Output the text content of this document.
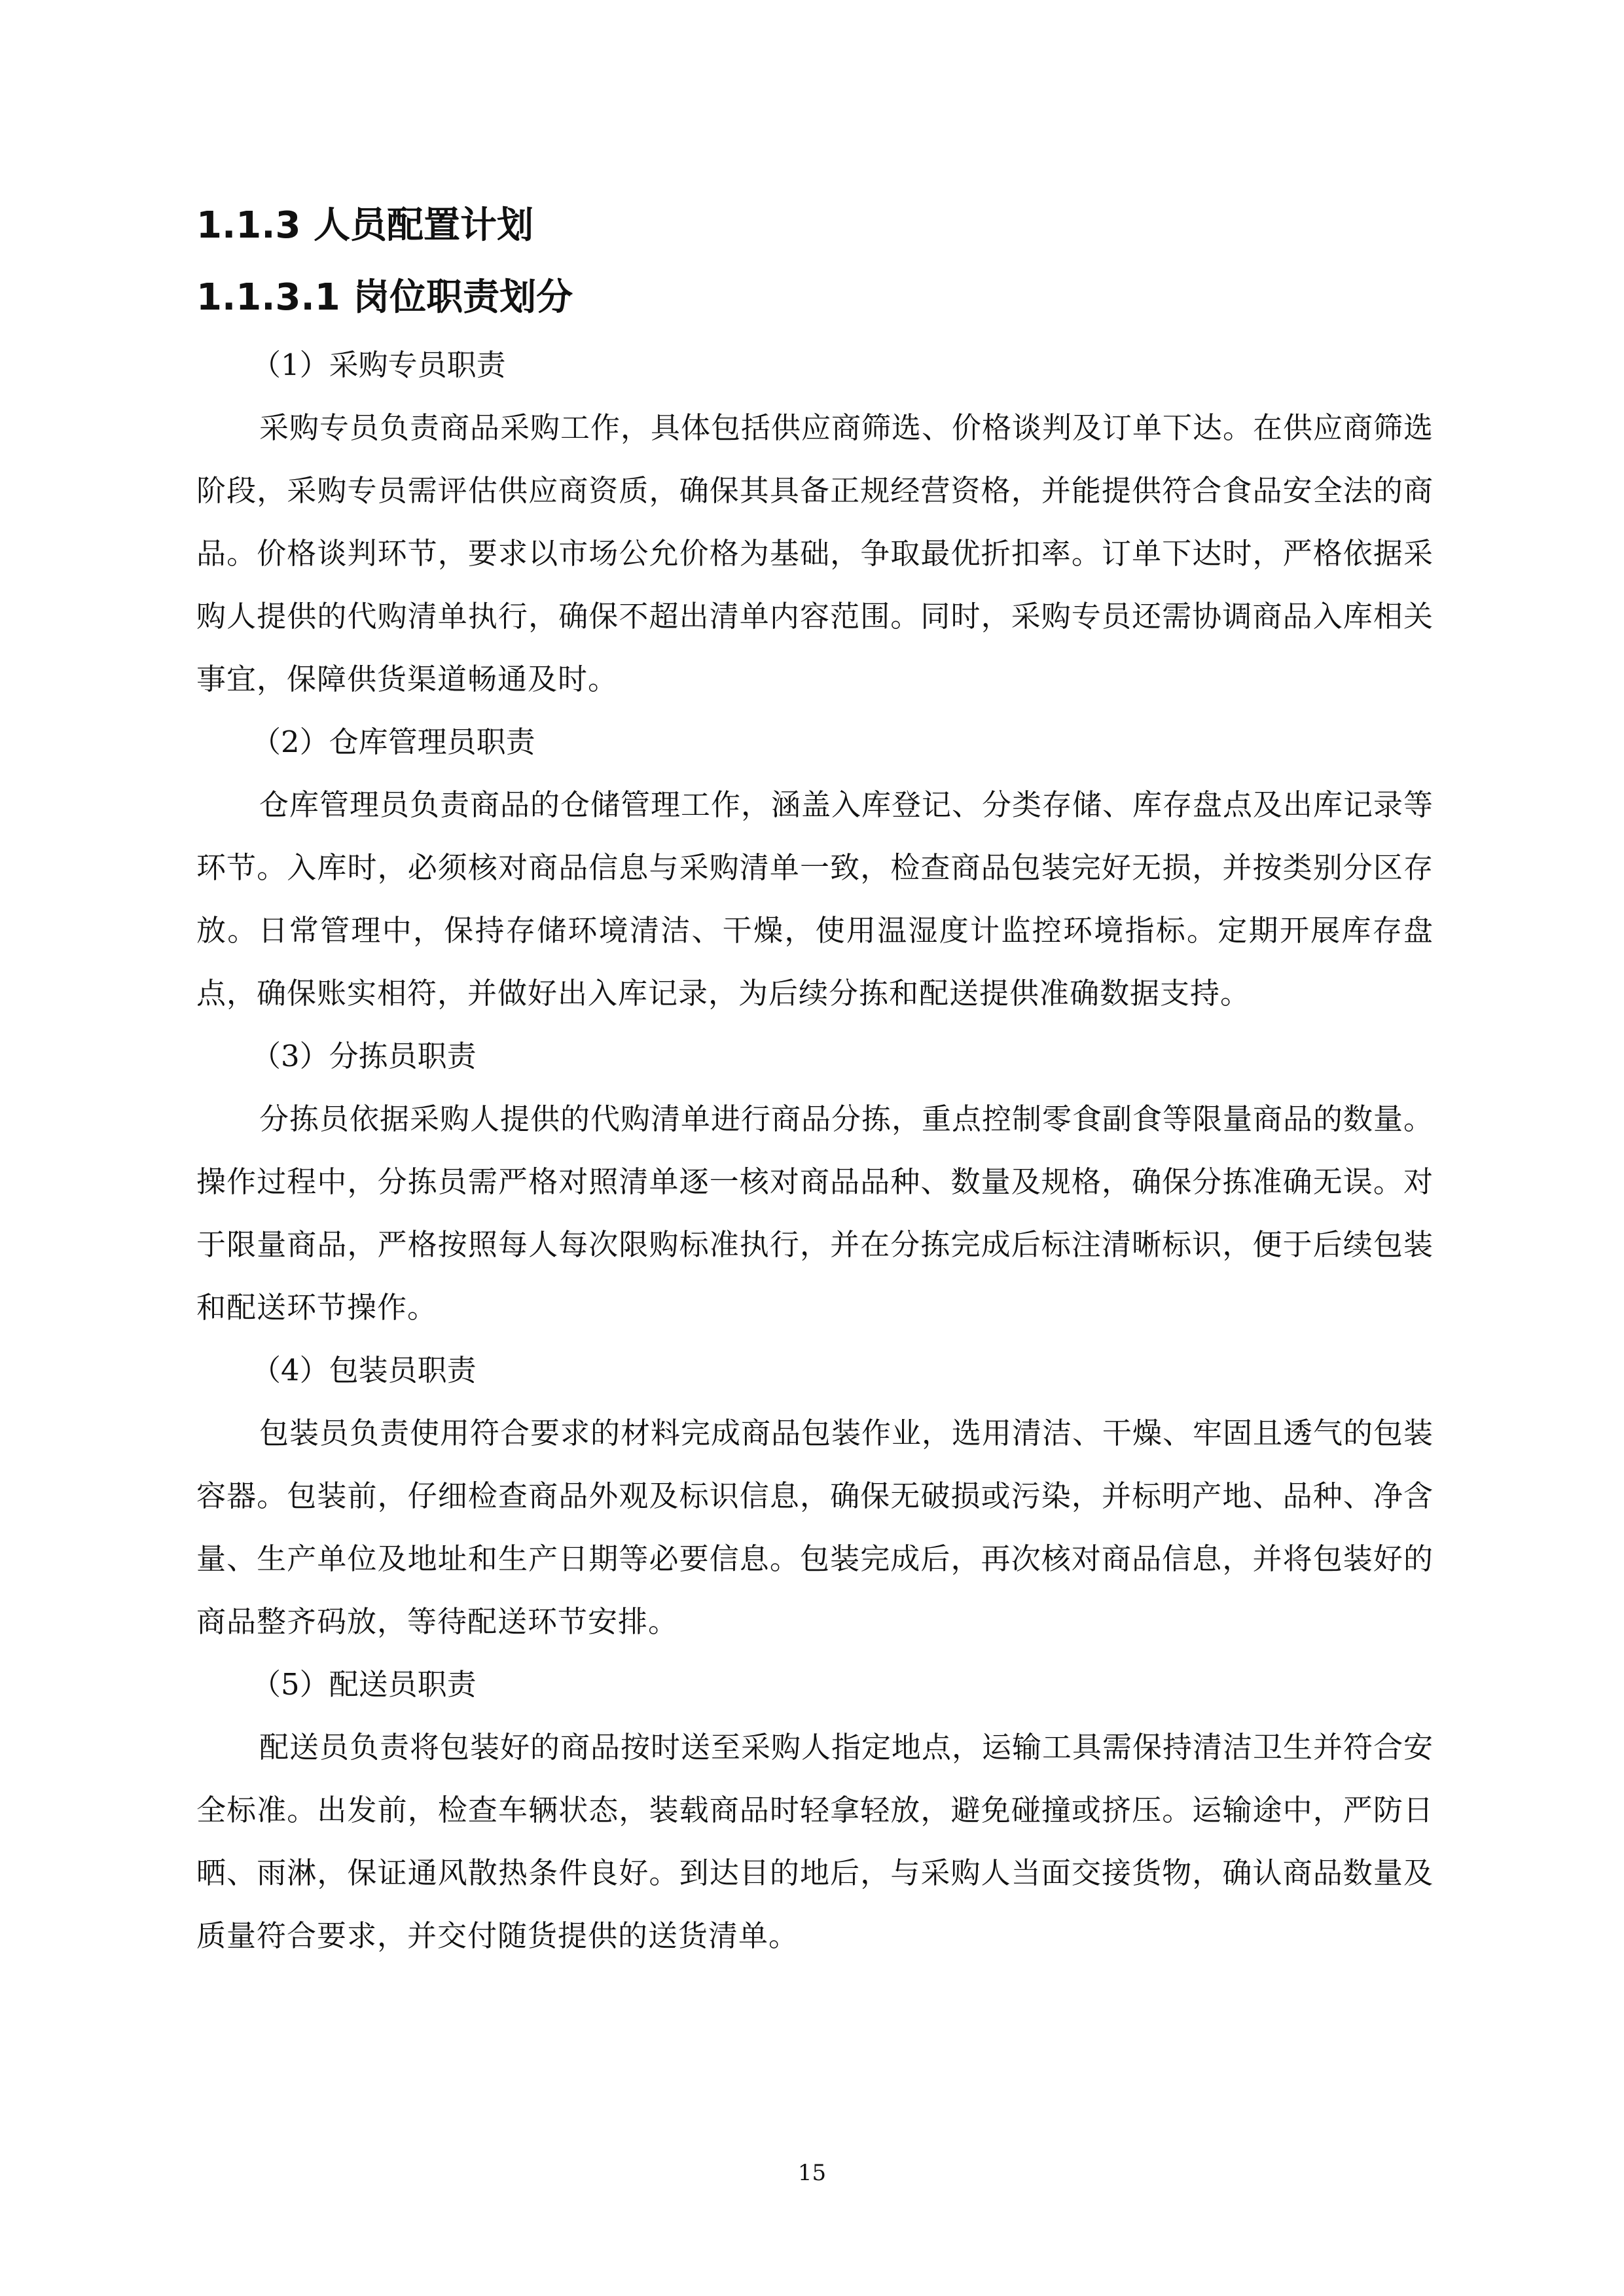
1.1.3 人员配置计划
1.1.3.1 岗位职责划分
（1）采购专员职责

采购专员负责商品采购工作，具体包括供应商筛选、价格谈判及订单下达。在供应商筛选阶段，采购专员需评估供应商资质，确保其具备正规经营资格，并能提供符合食品安全法的商品。价格谈判环节，要求以市场公允价格为基础，争取最优折扣率。订单下达时，严格依据采购人提供的代购清单执行，确保不超出清单内容范围。同时，采购专员还需协调商品入库相关事宜，保障供货渠道畅通及时。

（2）仓库管理员职责

仓库管理员负责商品的仓储管理工作，涵盖入库登记、分类存储、库存盘点及出库记录等环节。入库时，必须核对商品信息与采购清单一致，检查商品包装完好无损，并按类别分区存放。日常管理中，保持存储环境清洁、干燥，使用温湿度计监控环境指标。定期开展库存盘点，确保账实相符，并做好出入库记录，为后续分拣和配送提供准确数据支持。

（3）分拣员职责

分拣员依据采购人提供的代购清单进行商品分拣，重点控制零食副食等限量商品的数量。操作过程中，分拣员需严格对照清单逐一核对商品品种、数量及规格，确保分拣准确无误。对于限量商品，严格按照每人每次限购标准执行，并在分拣完成后标注清晰标识，便于后续包装和配送环节操作。

（4）包装员职责

包装员负责使用符合要求的材料完成商品包装作业，选用清洁、干燥、牢固且透气的包装容器。包装前，仔细检查商品外观及标识信息，确保无破损或污染，并标明产地、品种、净含量、生产单位及地址和生产日期等必要信息。包装完成后，再次核对商品信息，并将包装好的商品整齐码放，等待配送环节安排。

（5）配送员职责

配送员负责将包装好的商品按时送至采购人指定地点，运输工具需保持清洁卫生并符合安全标准。出发前，检查车辆状态，装载商品时轻拿轻放，避免碰撞或挤压。运输途中，严防日晒、雨淋，保证通风散热条件良好。到达目的地后，与采购人当面交接货物，确认商品数量及质量符合要求，并交付随货提供的送货清单。

15
